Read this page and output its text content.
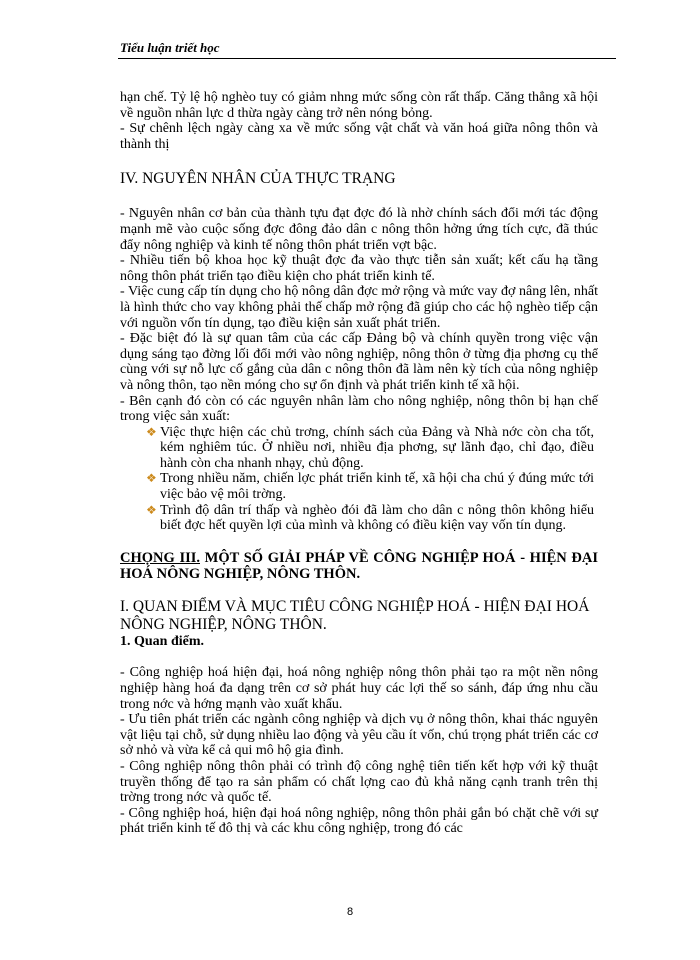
Tiểu luận triết học

hạn chế. Tỷ lệ hộ nghèo tuy có giảm nhng mức sống còn rất thấp. Căng thẳng xã hội về nguồn nhân lực d thừa ngày càng trở nên nóng bỏng.

- Sự chênh lệch ngày càng xa về mức sống vật chất và văn hoá giữa nông thôn và thành thị

IV. NGUYÊN NHÂN CỦA THỰC TRẠNG

- Nguyên nhân cơ bản của thành tựu đạt đợc đó là nhờ chính sách đổi mới tác động mạnh mẽ vào cuộc sống đợc đông đảo dân c nông thôn hởng ứng tích cực, đã thúc đẩy nông nghiệp và kinh tế nông thôn phát triển vợt bậc.

- Nhiều tiến bộ khoa học kỹ thuật đợc đa vào thực tiễn sản xuất; kết cấu hạ tầng nông thôn phát triển tạo điều kiện cho phát triển kinh tế.

- Việc cung cấp tín dụng cho hộ nông dân đợc mở rộng và mức vay đợ nâng lên, nhất là hình thức cho vay không phải thế chấp mở rộng đã giúp cho các hộ nghèo tiếp cận với nguồn vốn tín dụng, tạo điều kiện sản xuất phát triển.

- Đặc biệt đó là sự quan tâm của các cấp Đảng bộ và chính quyền trong việc vận dụng sáng tạo đờng lối đổi mới vào nông nghiệp, nông thôn ở từng địa phơng cụ thể cùng với sự nỗ lực cố gắng của dân c nông thôn đã làm nên kỳ tích của nông nghiệp và nông thôn, tạo nền móng cho sự ổn định và phát triển kinh tế xã hội.

- Bên cạnh đó còn có các nguyên nhân làm cho nông nghiệp, nông thôn bị hạn chế trong việc sản xuất:

❖ Việc thực hiện các chủ trơng, chính sách của Đảng và Nhà nớc còn cha tốt, kém nghiêm túc. Ở nhiều nơi, nhiều địa phơng, sự lãnh đạo, chỉ đạo, điều hành còn cha nhanh nhạy, chủ động.
❖ Trong nhiều năm, chiến lợc phát triển kinh tế, xã hội cha chú ý đúng mức tới việc bảo vệ môi trờng.
❖ Trình độ dân trí thấp và nghèo đói đã làm cho dân c nông thôn không hiểu biết đợc hết quyền lợi của mình và không có điều kiện vay vốn tín dụng.

CHỌNG III. MỘT SỐ GIẢI PHÁP VỀ CÔNG NGHIỆP HOÁ - HIỆN ĐẠI HOÁ NÔNG NGHIỆP, NÔNG THÔN.

I. QUAN ĐIỂM VÀ MỤC TIÊU CÔNG NGHIỆP HOÁ - HIỆN ĐẠI HOÁ NÔNG NGHIỆP, NÔNG THÔN.

1. Quan điểm.

- Công nghiệp hoá hiện đại, hoá nông nghiệp nông thôn phải tạo ra một nền nông nghiệp hàng hoá đa dạng trên cơ sở phát huy các lợi thế so sánh, đáp ứng nhu cầu trong nớc và hớng mạnh vào xuất khẩu.

- Ưu tiên phát triển các ngành công nghiệp và dịch vụ ở nông thôn, khai thác nguyên vật liệu tại chỗ, sử dụng nhiều lao động và yêu cầu ít vốn, chú trọng phát triển các cơ sở nhỏ và vừa kể cả qui mô hộ gia đình.

- Công nghiệp nông thôn phải có trình độ công nghệ tiên tiến kết hợp với kỹ thuật truyền thống để tạo ra sản phẩm có chất lợng cao đủ khả năng cạnh tranh trên thị trờng trong nớc và quốc tế.

- Công nghiệp hoá, hiện đại hoá nông nghiệp, nông thôn phải gắn bó chặt chẽ với sự phát triển kinh tế đô thị và các khu công nghiệp, trong đó các

8
